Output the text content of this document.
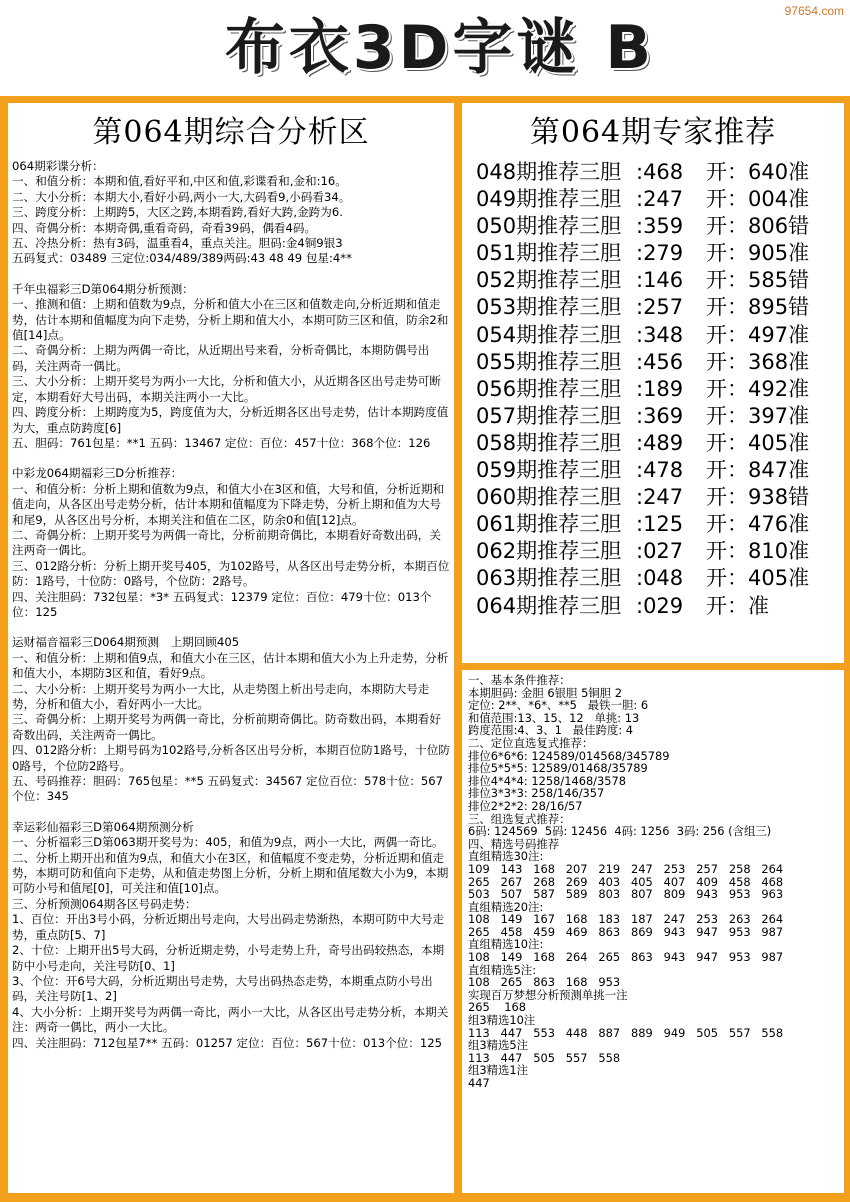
97654.com
布衣3D字谜 B
第064期综合分析区
064期彩谍分析：
一、和值分析：本期和值,看好平和,中区和值,彩谍看和,金和:16。
二、大小分析：本期大小,看好小码,两小一大,大码看9,小码看34。
三、跨度分析：上期跨5，大区之跨,本期看跨,看好大跨,金跨为6.
四、奇偶分析：本期奇偶,重看奇码，奇看39码，偶看4码。
五、冷热分析：热有3码，温重看4，重点关注。胆码:金4铜9银3
五码复式：03489 三定位:034/489/389两码:43 48 49 包星:4**
千年虫福彩三D第064期分析预测：
一、推测和值：上期和值数为9点，分析和值大小在三区和值数走向,分析近期和值走势，估计本期和值幅度为向下走势，分析上期和值大小，本期可防三区和值，防余2和值[14]点。
二、奇偶分析：上期为两偶一奇比，从近期出号来看，分析奇偶比，本期防偶号出码，关注两奇一偶比。
三、大小分析：上期开奖号为两小一大比，分析和值大小，从近期各区出号走势可断定，本期看好大号出码，本期关注两小一大比。
四、跨度分析：上期跨度为5，跨度值为大，分析近期各区出号走势，估计本期跨度值为大，重点防跨度[6]
五、胆码：761包星：**1 五码：13467 定位：百位：457十位：368个位：126
中彩龙064期福彩三D分析推荐：
一、和值分析：分析上期和值数为9点，和值大小在3区和值，大号和值，分析近期和值走向，从各区出号走势分析，估计本期和值幅度为下降走势，分析上期和值为大号和尾9，从各区出号分析，本期关注和值在二区，防余0和值[12]点。
二、奇偶分析：上期开奖号为两偶一奇比，分析前期奇偶比，本期看好奇数出码，关注两奇一偶比。
三、012路分析：分析上期开奖号405，为102路号，从各区出号走势分析，本期百位防：1路号，十位防：0路号，个位防：2路号。
四、关注胆码：732包星：*3* 五码复式：12379 定位：百位：479十位：013个位：125
运财福音福彩三D064期预测　上期回顾405
一、和值分析：上期和值9点，和值大小在三区，估计本期和值大小为上升走势，分析和值大小，本期防3区和值，看好9点。
二、大小分析：上期开奖号为两小一大比，从走势图上析出号走向，本期防大号走势，分析和值大小，看好两小一大比。
三、奇偶分析：上期开奖号为两偶一奇比，分析前期奇偶比。防奇数出码，本期看好奇数出码，关注两奇一偶比。
四、012路分析：上期号码为102路号,分析各区出号分析，本期百位防1路号，十位防0路号，个位防2路号。
五、号码推荐：胆码：765包星：**5 五码复式：34567 定位百位：578十位：567个位：345
幸运彩仙福彩三D第064期预测分析
一、分析福彩三D第063期开奖号为：405，和值为9点，两小一大比，两偶一奇比。
二、分析上期开出和值为9点，和值大小在3区，和值幅度不变走势，分析近期和值走势，本期可防和值向下走势，从和值走势图上分析，分析上期和值尾数大小为9，本期可防小号和值尾[0]，可关注和值[10]点。
三、分析预测064期各区号码走势：
1、百位：开出3号小码，分析近期出号走向，大号出码走势渐热，本期可防中大号走势，重点防[5、7]
2、十位：上期开出5号大码，分析近期走势，小号走势上升，奇号出码较热态，本期防中小号走向，关注号防[0、1]
3、个位：开6号大码，分析近期出号走势，大号出码热态走势，本期重点防小号出码，关注号防[1、2]
4、大小分析：上期开奖号为两偶一奇比，两小一大比，从各区出号走势分析，本期关注：两奇一偶比，两小一大比。
四、关注胆码：712包星7** 五码：01257 定位：百位：567十位：013个位：125
第064期专家推荐
048期推荐三胆 :468 开：640准
049期推荐三胆 :247 开：004准
050期推荐三胆 :359 开：806错
051期推荐三胆 :279 开：905准
052期推荐三胆 :146 开：585错
053期推荐三胆 :257 开：895错
054期推荐三胆 :348 开：497准
055期推荐三胆 :456 开：368准
056期推荐三胆 :189 开：492准
057期推荐三胆 :369 开：397准
058期推荐三胆 :489 开：405准
059期推荐三胆 :478 开：847准
060期推荐三胆 :247 开：938错
061期推荐三胆 :125 开：476准
062期推荐三胆 :027 开：810准
063期推荐三胆 :048 开：405准
064期推荐三胆 :029 开：准
一、基本条件推荐：
本期胆码: 金胆 6银胆 5铜胆 2
定位: 2**、*6*、**5   最铁一胆: 6
和值范围:13、15、12   单挑: 13
跨度范围:4、3、1   最佳跨度: 4
二、定位直选复式推荐：
排位6*6*6: 124589/014568/345789
排位5*5*5: 12589/01468/35789
排位4*4*4: 1258/1468/3578
排位3*3*3: 258/146/357
排位2*2*2: 28/16/57
三、组选复式推荐：
6码: 124569  5码: 12456  4码: 1256  3码: 256 (含组三)
四、精选号码推荐
直组精选30注:
109   143   168   207   219   247   253   257   258   264
265   267   268   269   403   405   407   409   458   468
503   507   587   589   803   807   809   943   953   963
直组精选20注:
108   149   167   168   183   187   247   253   263   264
265   458   459   469   863   869   943   947   953   987
直组精选10注:
108   149   168   264   265   863   943   947   953   987
直组精选5注:
108   265   863   168   953
实现百万梦想分析预测单挑一注
265    168
组3精选10注
113   447   553   448   887   889   949   505   557   558
组3精选5注
113   447   505   557   558
组3精选1注
447
